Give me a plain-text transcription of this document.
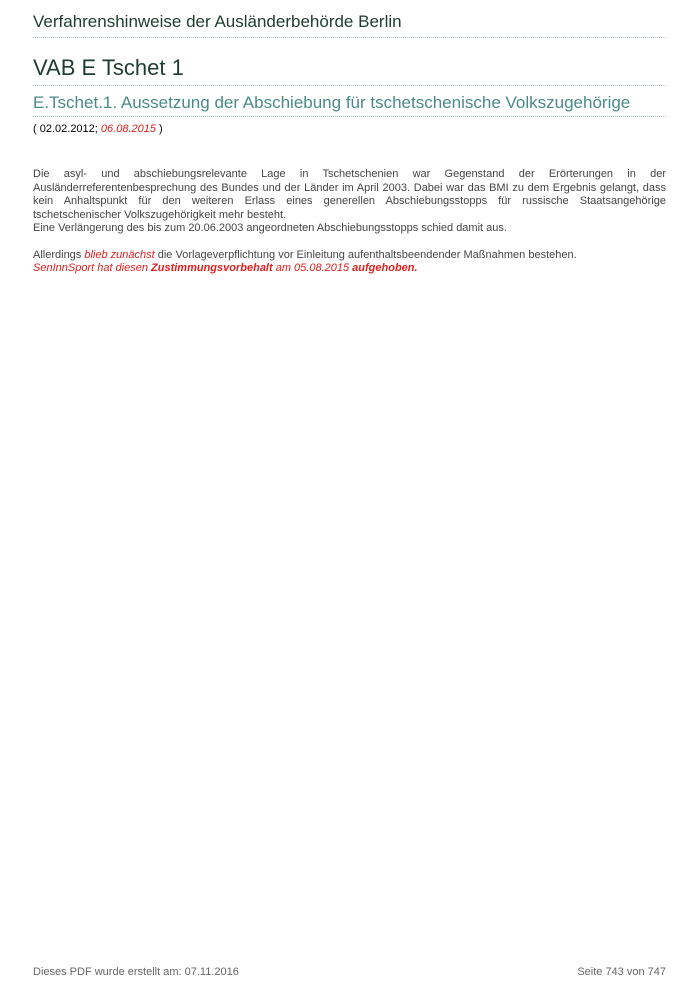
Verfahrenshinweise der Ausländerbehörde Berlin
VAB E Tschet 1
E.Tschet.1. Aussetzung der Abschiebung für tschetschenische Volkszugehörige
( 02.02.2012; 06.08.2015 )

Die asyl- und abschiebungsrelevante Lage in Tschetschenien war Gegenstand der Erörterungen in der Ausländerreferentenbesprechung des Bundes und der Länder im April 2003. Dabei war das BMI zu dem Ergebnis gelangt, dass kein Anhaltspunkt für den weiteren Erlass eines generellen Abschiebungsstopps für russische Staatsangehörige tschetschenischer Volkszugehörigkeit mehr besteht.

Eine Verlängerung des bis zum 20.06.2003 angeordneten Abschiebungsstopps schied damit aus.

Allerdings blieb zunächst die Vorlageverpflichtung vor Einleitung aufenthaltsbeendender Maßnahmen bestehen.
SenInnSport hat diesen Zustimmungsvorbehalt am 05.08.2015 aufgehoben.

Dieses PDF wurde erstellt am: 07.11.2016	Seite 743 von 747
